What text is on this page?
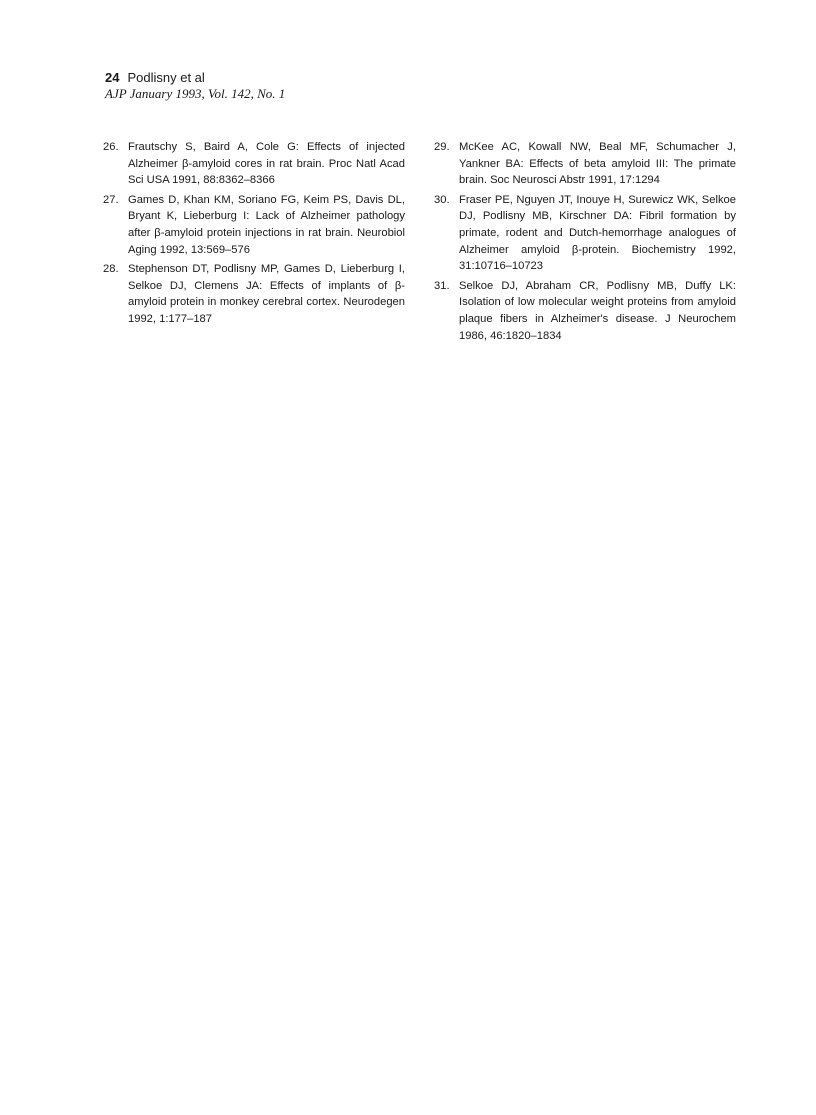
24 Podlisny et al
AJP January 1993, Vol. 142, No. 1
26. Frautschy S, Baird A, Cole G: Effects of injected Alzheimer β-amyloid cores in rat brain. Proc Natl Acad Sci USA 1991, 88:8362–8366
27. Games D, Khan KM, Soriano FG, Keim PS, Davis DL, Bryant K, Lieberburg I: Lack of Alzheimer pathology after β-amyloid protein injections in rat brain. Neurobiol Aging 1992, 13:569–576
28. Stephenson DT, Podlisny MP, Games D, Lieberburg I, Selkoe DJ, Clemens JA: Effects of implants of β-amyloid protein in monkey cerebral cortex. Neurodegen 1992, 1:177–187
29. McKee AC, Kowall NW, Beal MF, Schumacher J, Yankner BA: Effects of beta amyloid III: The primate brain. Soc Neurosci Abstr 1991, 17:1294
30. Fraser PE, Nguyen JT, Inouye H, Surewicz WK, Selkoe DJ, Podlisny MB, Kirschner DA: Fibril formation by primate, rodent and Dutch-hemorrhage analogues of Alzheimer amyloid β-protein. Biochemistry 1992, 31:10716–10723
31. Selkoe DJ, Abraham CR, Podlisny MB, Duffy LK: Isolation of low molecular weight proteins from amyloid plaque fibers in Alzheimer's disease. J Neurochem 1986, 46:1820–1834
